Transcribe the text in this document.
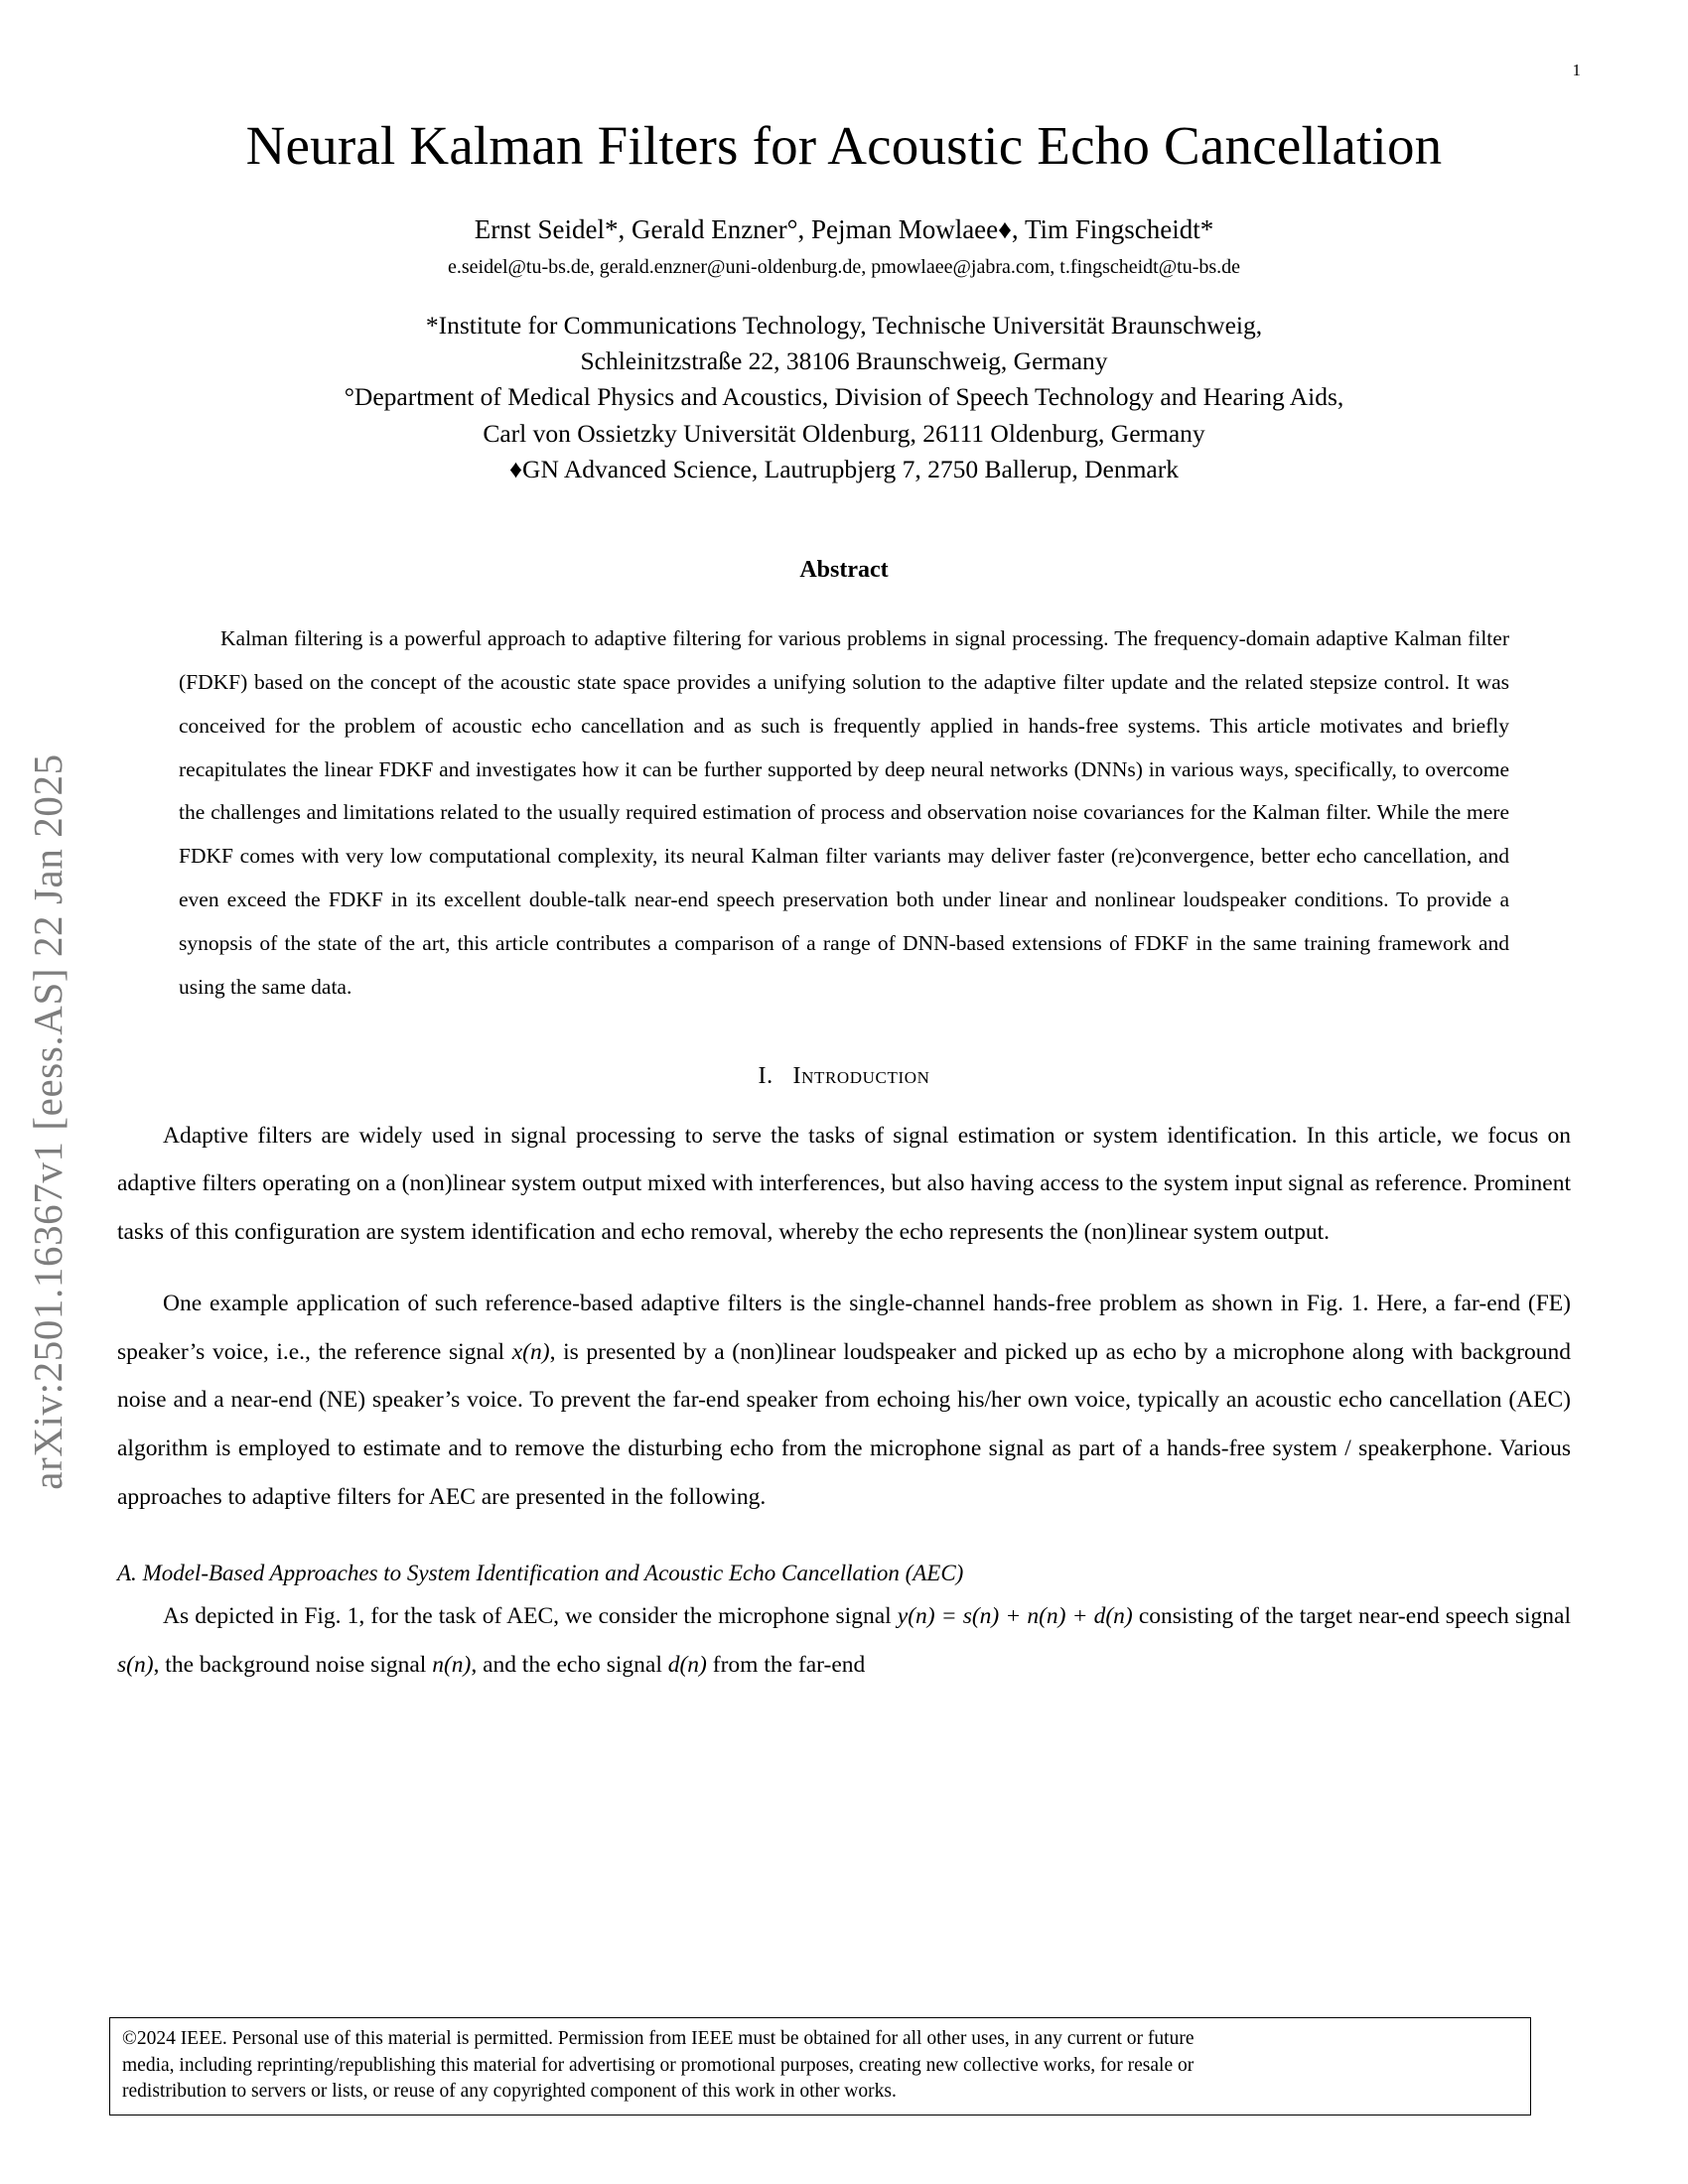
1
arXiv:2501.16367v1 [eess.AS] 22 Jan 2025
Neural Kalman Filters for Acoustic Echo Cancellation
Ernst Seidel*, Gerald Enzner°, Pejman Mowlaee♦, Tim Fingscheidt*
e.seidel@tu-bs.de, gerald.enzner@uni-oldenburg.de, pmowlaee@jabra.com, t.fingscheidt@tu-bs.de
*Institute for Communications Technology, Technische Universität Braunschweig,
Schleinitzstraße 22, 38106 Braunschweig, Germany
°Department of Medical Physics and Acoustics, Division of Speech Technology and Hearing Aids,
Carl von Ossietzky Universität Oldenburg, 26111 Oldenburg, Germany
♦GN Advanced Science, Lautrupbjerg 7, 2750 Ballerup, Denmark
Abstract
Kalman filtering is a powerful approach to adaptive filtering for various problems in signal processing. The frequency-domain adaptive Kalman filter (FDKF) based on the concept of the acoustic state space provides a unifying solution to the adaptive filter update and the related stepsize control. It was conceived for the problem of acoustic echo cancellation and as such is frequently applied in hands-free systems. This article motivates and briefly recapitulates the linear FDKF and investigates how it can be further supported by deep neural networks (DNNs) in various ways, specifically, to overcome the challenges and limitations related to the usually required estimation of process and observation noise covariances for the Kalman filter. While the mere FDKF comes with very low computational complexity, its neural Kalman filter variants may deliver faster (re)convergence, better echo cancellation, and even exceed the FDKF in its excellent double-talk near-end speech preservation both under linear and nonlinear loudspeaker conditions. To provide a synopsis of the state of the art, this article contributes a comparison of a range of DNN-based extensions of FDKF in the same training framework and using the same data.
I. Introduction

Adaptive filters are widely used in signal processing to serve the tasks of signal estimation or system identification. In this article, we focus on adaptive filters operating on a (non)linear system output mixed with interferences, but also having access to the system input signal as reference. Prominent tasks of this configuration are system identification and echo removal, whereby the echo represents the (non)linear system output.

One example application of such reference-based adaptive filters is the single-channel hands-free problem as shown in Fig. 1. Here, a far-end (FE) speaker’s voice, i.e., the reference signal x(n), is presented by a (non)linear loudspeaker and picked up as echo by a microphone along with background noise and a near-end (NE) speaker’s voice. To prevent the far-end speaker from echoing his/her own voice, typically an acoustic echo cancellation (AEC) algorithm is employed to estimate and to remove the disturbing echo from the microphone signal as part of a hands-free system / speakerphone. Various approaches to adaptive filters for AEC are presented in the following.

A. Model-Based Approaches to System Identification and Acoustic Echo Cancellation (AEC)

As depicted in Fig. 1, for the task of AEC, we consider the microphone signal y(n) = s(n) + n(n) + d(n) consisting of the target near-end speech signal s(n), the background noise signal n(n), and the echo signal d(n) from the far-end

©2024 IEEE. Personal use of this material is permitted. Permission from IEEE must be obtained for all other uses, in any current or future
media, including reprinting/republishing this material for advertising or promotional purposes, creating new collective works, for resale or
redistribution to servers or lists, or reuse of any copyrighted component of this work in other works.
